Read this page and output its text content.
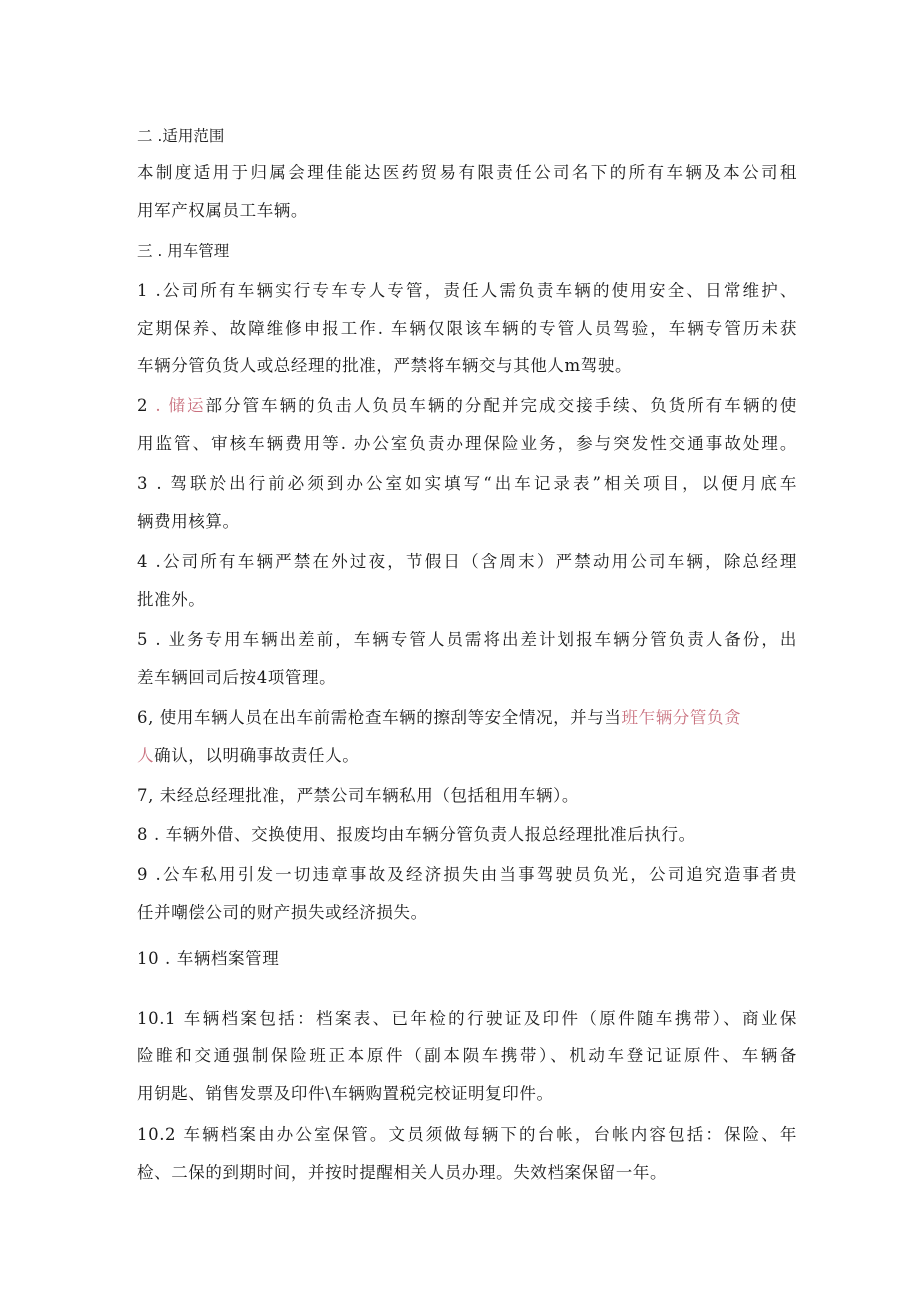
二 .适用范围
本制度适用于归属会理佳能达医药贸易有限责任公司名下的所有车辆及本公司租
用军产权属员工车辆。
三 . 用车管理
1 .公司所有车辆实行专车专人专管，责任人需负责车辆的使用安全、日常维护、
定期保养、故障维修申报工作. 车辆仅限该车辆的专管人员驾验，车辆专管历未获
车辆分管负货人或总经理的批准，严禁将车辆交与其他人m驾驶。
2 . 储运部分管车辆的负击人负员车辆的分配并完成交接手续、负货所有车辆的使
用监管、审核车辆费用等. 办公室负责办理保险业务，参与突发性交通事故处理。
3 . 驾联於出行前必须到办公室如实填写“出车记录表”相关项目，以便月底车
辆费用核算。
4 .公司所有车辆严禁在外过夜，节假日（含周末）严禁动用公司车辆，除总经理
批准外。
5 . 业务专用车辆出差前，车辆专管人员需将出差计划报车辆分管负责人备份，出
差车辆回司后按4项管理。
6, 使用车辆人员在出车前需枪查车辆的擦刮等安全情况，并与当班乍辆分管负贪
人确认，以明确事故责任人。
7, 未经总经理批准，严禁公司车辆私用（包括租用车辆）。
8 . 车辆外借、交换使用、报废均由车辆分管负责人报总经理批准后执行。
9 .公车私用引发一切违章事故及经济损失由当事驾驶员负光，公司追究造事者贵
任并嘲偿公司的财产损失或经济损失。
10 . 车辆档案管理
10.1 车辆档案包括：档案表、已年检的行驶证及印件（原件随车携带）、商业保
险睢和交通强制保险班正本原件（副本陨车携带）、机动车登记证原件、车辆备
用钥匙、销售发票及印件\车辆购置税完校证明复印件。
10.2 车辆档案由办公室保管。文员须做每辆下的台帐，台帐内容包括：保险、年
检、二保的到期时间，并按时提醒相关人员办理。失效档案保留一年。
